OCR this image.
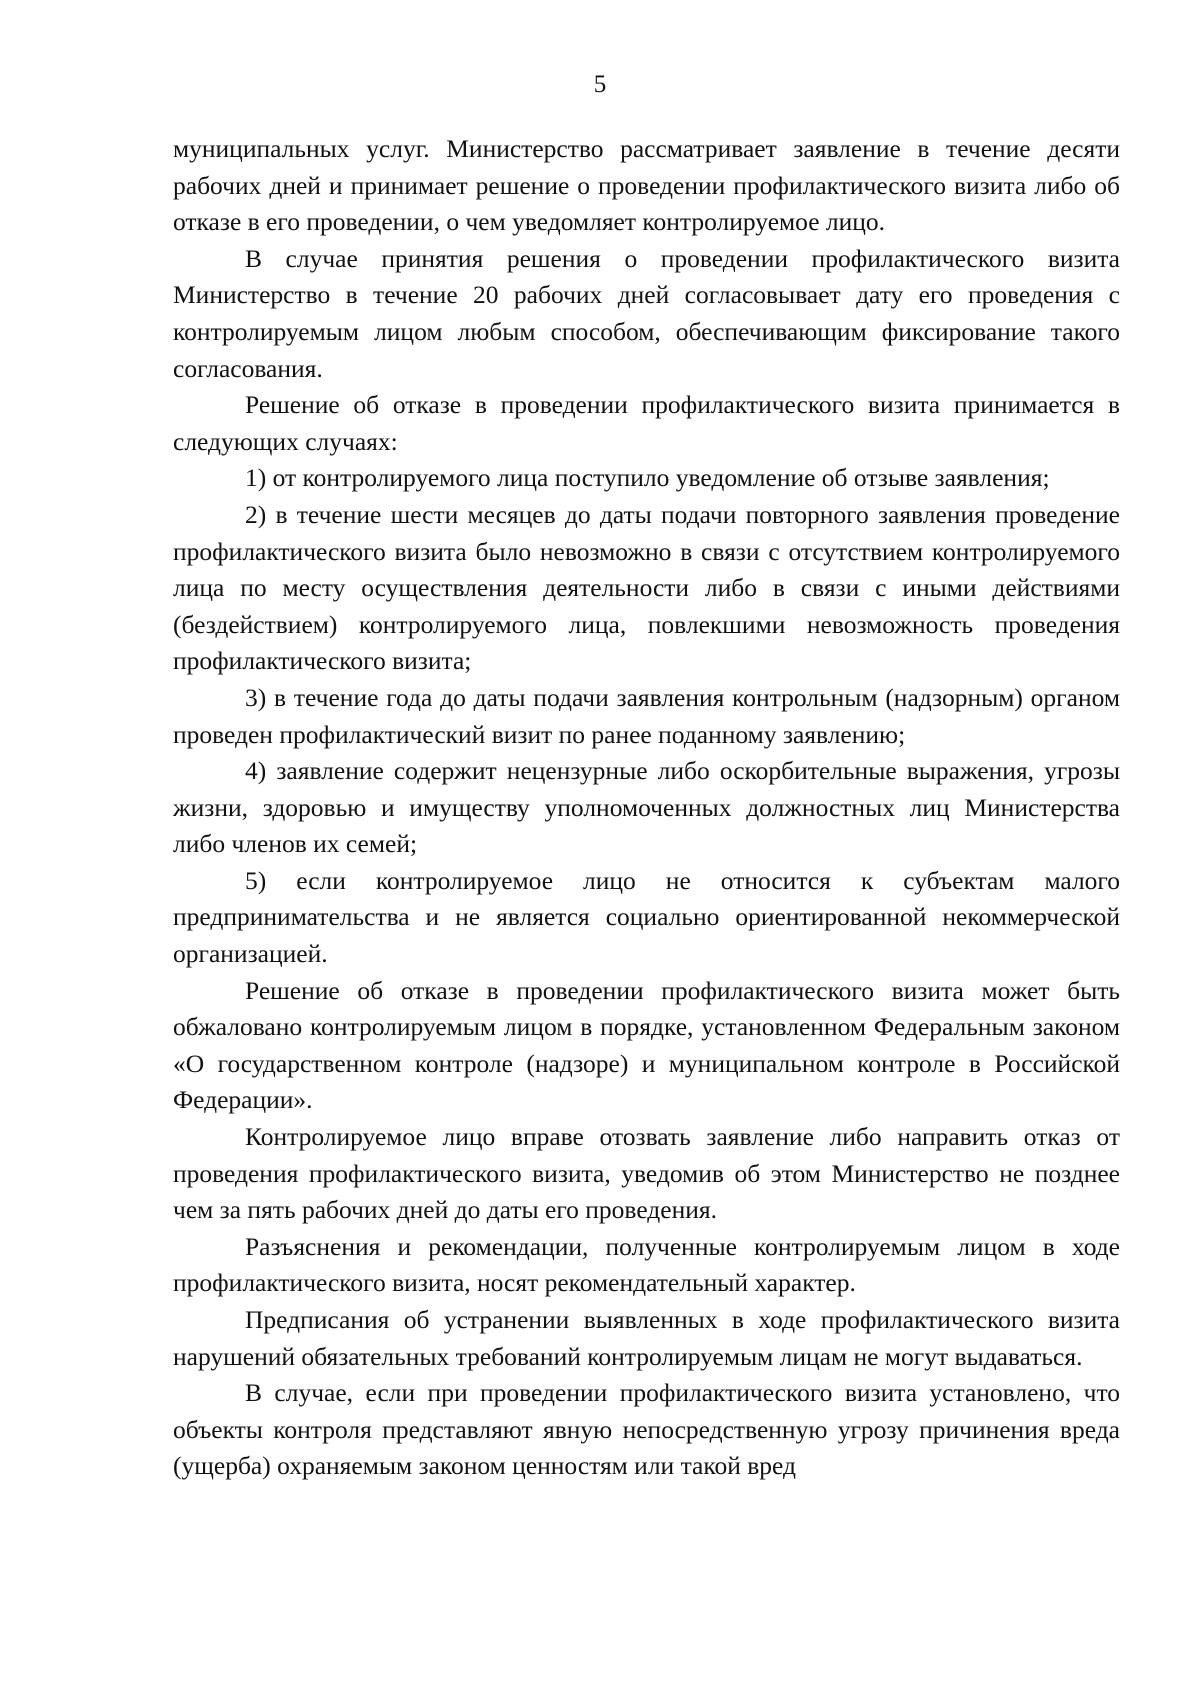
5

муниципальных услуг. Министерство рассматривает заявление в течение десяти рабочих дней и принимает решение о проведении профилактического визита либо об отказе в его проведении, о чем уведомляет контролируемое лицо.

В случае принятия решения о проведении профилактического визита Министерство в течение 20 рабочих дней согласовывает дату его проведения с контролируемым лицом любым способом, обеспечивающим фиксирование такого согласования.

Решение об отказе в проведении профилактического визита принимается в следующих случаях:

1) от контролируемого лица поступило уведомление об отзыве заявления;

2) в течение шести месяцев до даты подачи повторного заявления проведение профилактического визита было невозможно в связи с отсутствием контролируемого лица по месту осуществления деятельности либо в связи с иными действиями (бездействием) контролируемого лица, повлекшими невозможность проведения профилактического визита;

3) в течение года до даты подачи заявления контрольным (надзорным) органом проведен профилактический визит по ранее поданному заявлению;

4) заявление содержит нецензурные либо оскорбительные выражения, угрозы жизни, здоровью и имуществу уполномоченных должностных лиц Министерства либо членов их семей;

5) если контролируемое лицо не относится к субъектам малого предпринимательства и не является социально ориентированной некоммерческой организацией.

Решение об отказе в проведении профилактического визита может быть обжаловано контролируемым лицом в порядке, установленном Федеральным законом «О государственном контроле (надзоре) и муниципальном контроле в Российской Федерации».

Контролируемое лицо вправе отозвать заявление либо направить отказ от проведения профилактического визита, уведомив об этом Министерство не позднее чем за пять рабочих дней до даты его проведения.

Разъяснения и рекомендации, полученные контролируемым лицом в ходе профилактического визита, носят рекомендательный характер.

Предписания об устранении выявленных в ходе профилактического визита нарушений обязательных требований контролируемым лицам не могут выдаваться.

В случае, если при проведении профилактического визита установлено, что объекты контроля представляют явную непосредственную угрозу причинения вреда (ущерба) охраняемым законом ценностям или такой вред
